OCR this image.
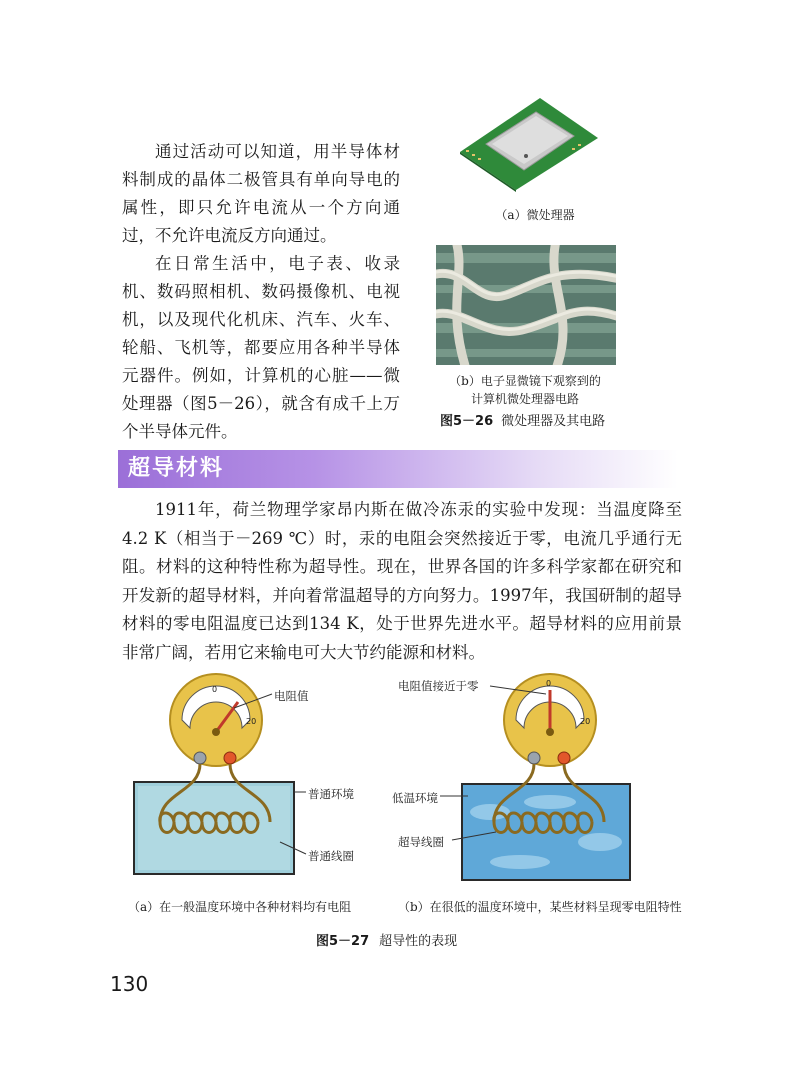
通过活动可以知道，用半导体材料制成的晶体二极管具有单向导电的属性，即只允许电流从一个方向通过，不允许电流反方向通过。

在日常生活中，电子表、收录机、数码照相机、数码摄像机、电视机，以及现代化机床、汽车、火车、轮船、飞机等，都要应用各种半导体元器件。例如，计算机的心脏——微处理器（图5－26），就含有成千上万个半导体元件。

（a）微处理器
（b）电子显微镜下观察到的
计算机微处理器电路
图5－26 微处理器及其电路
超导材料

1911年，荷兰物理学家昂内斯在做冷冻汞的实验中发现：当温度降至4.2 K（相当于－269 ℃）时，汞的电阻会突然接近于零，电流几乎通行无阻。材料的这种特性称为超导性。现在，世界各国的许多科学家都在研究和开发新的超导材料，并向着常温超导的方向努力。1997年，我国研制的超导材料的零电阻温度已达到134 K，处于世界先进水平。超导材料的应用前景非常广阔，若用它来输电可大大节约能源和材料。

0
20
电阻值
普通环境
普通线圈
（a）在一般温度环境中各种材料均有电阻
0
20
电阻值接近于零
低温环境
超导线圈
（b）在很低的温度环境中，某些材料呈现零电阻特性
图5－27 超导性的表现
130
